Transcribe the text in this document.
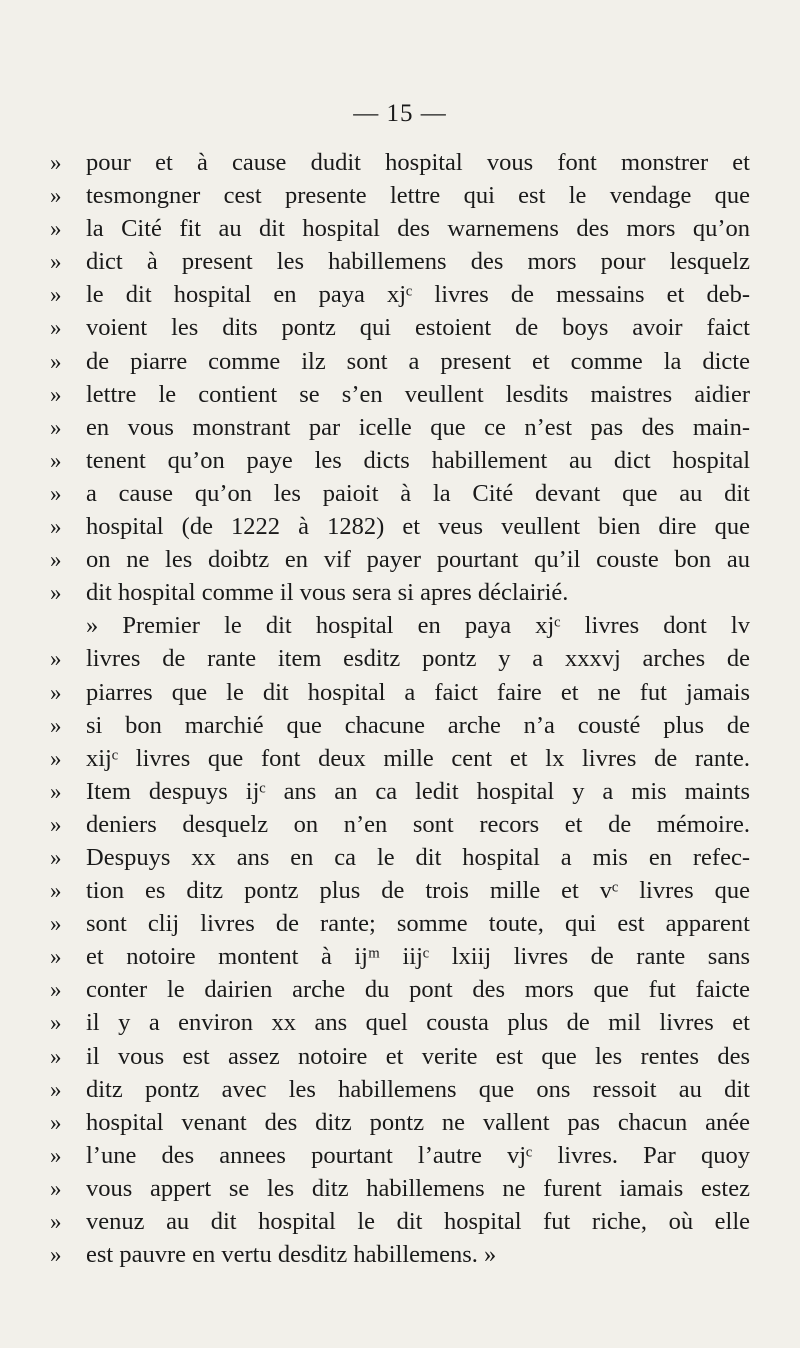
— 15 —
»	pour et à cause dudit hospital vous font monstrer et
»	tesmongner cest presente lettre qui est le vendage que
»	la Cité fit au dit hospital des warnemens des mors qu’on
»	dict à present les habillemens des mors pour lesquelz
»	le dit hospital en paya xjᶜ livres de messains et deb-
»	voient les dits pontz qui estoient de boys avoir faict
»	de piarre comme ilz sont a present et comme la dicte
»	lettre le contient se s’en veullent lesdits maistres aidier
»	en vous monstrant par icelle que ce n’est pas des main-
»	tenent qu’on paye les dicts habillement au dict hospital
»	a cause qu’on les paioit à la Cité devant que au dit
»	hospital (de 1222 à 1282) et veus veullent bien dire que
»	on ne les doibtz en vif payer pourtant qu’il couste bon au
»	dit hospital comme il vous sera si apres déclairié.
» Premier le dit hospital en paya xjᶜ livres dont lv
»	livres de rante item esditz pontz y a xxxvj arches de
»	piarres que le dit hospital a faict faire et ne fut jamais
»	si bon marchié que chacune arche n’a cousté plus de
»	xijᶜ livres que font deux mille cent et lx livres de rante.
»	Item despuys ijᶜ ans an ca ledit hospital y a mis maints
»	deniers desquelz on n’en sont recors et de mémoire.
»	Despuys xx ans en ca le dit hospital a mis en refec-
»	tion es ditz pontz plus de trois mille et vᶜ livres que
»	sont clij livres de rante; somme toute, qui est apparent
»	et notoire montent à ijᵐ iijᶜ lxiij livres de rante sans
»	conter le dairien arche du pont des mors que fut faicte
»	il y a environ xx ans quel cousta plus de mil livres et
»	il vous est assez notoire et verite est que les rentes des
»	ditz pontz avec les habillemens que ons ressoit au dit
»	hospital venant des ditz pontz ne vallent pas chacun anée
»	l’une des annees pourtant l’autre vjᶜ livres. Par quoy
»	vous appert se les ditz habillemens ne furent iamais estez
»	venuz au dit hospital le dit hospital fut riche, où elle
»	est pauvre en vertu desditz habillemens. »
